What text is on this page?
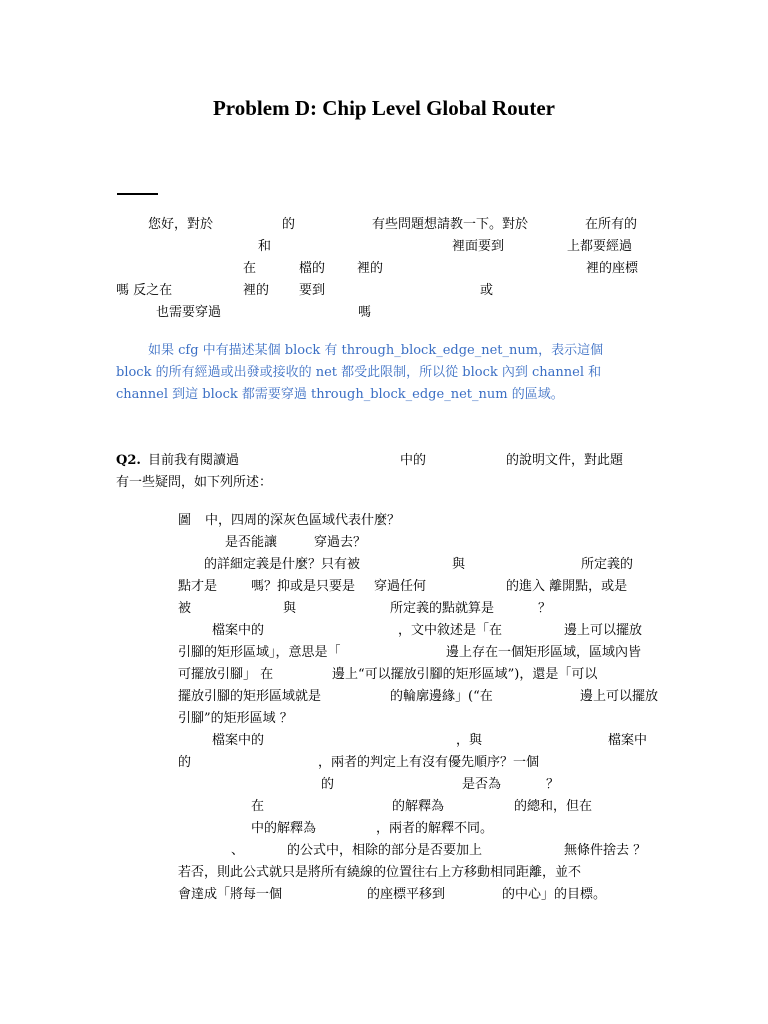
Problem D: Chip Level Global Router
您好，對於	的	有些問題想請教一下。對於	在所有的
和	裡面要到	上都要經過
在	檔的 裡的	裡的座標
嗎 反之在	裡的 要到	或
也需要穿過	嗎
如果 cfg 中有描述某個 block 有 through_block_edge_net_num，表示這個
block 的所有經過或出發或接收的 net 都受此限制，所以從 block 內到 channel 和
channel 到這 block 都需要穿過 through_block_edge_net_num 的區域。
Q2. 目前我有閱讀過	中的	的說明文件，對此題
有一些疑問，如下列所述：
圖 中，四周的深灰色區域代表什麼？
是否能讓	穿過去？
的詳細定義是什麼？只有被	與	所定義的
點才是	嗎？抑或是只要是 穿過任何	的進入 離開點，或是
被	與	所定義的點就算是	？
檔案中的	，文中敘述是「在	邊上可以擺放
引腳的矩形區域」，意思是「	邊上存在一個矩形區域，區域內皆
可擺放引腳」 在	邊上“可以擺放引腳的矩形區域”)，還是「可以
擺放引腳的矩形區域就是	的輪廓邊緣」(“在	邊上可以擺放
引腳”的矩形區域 ？
檔案中的	，與	檔案中
的	，兩者的判定上有沒有優先順序？一個
的	是否為	？
在	的解釋為	的總和，但在
中的解釋為	，兩者的解釋不同。
、	的公式中，相除的部分是否要加上	無條件捨去 ？
若否，則此公式就只是將所有繞線的位置往右上方移動相同距離，並不
會達成「將每一個	的座標平移到	的中心」的目標。
